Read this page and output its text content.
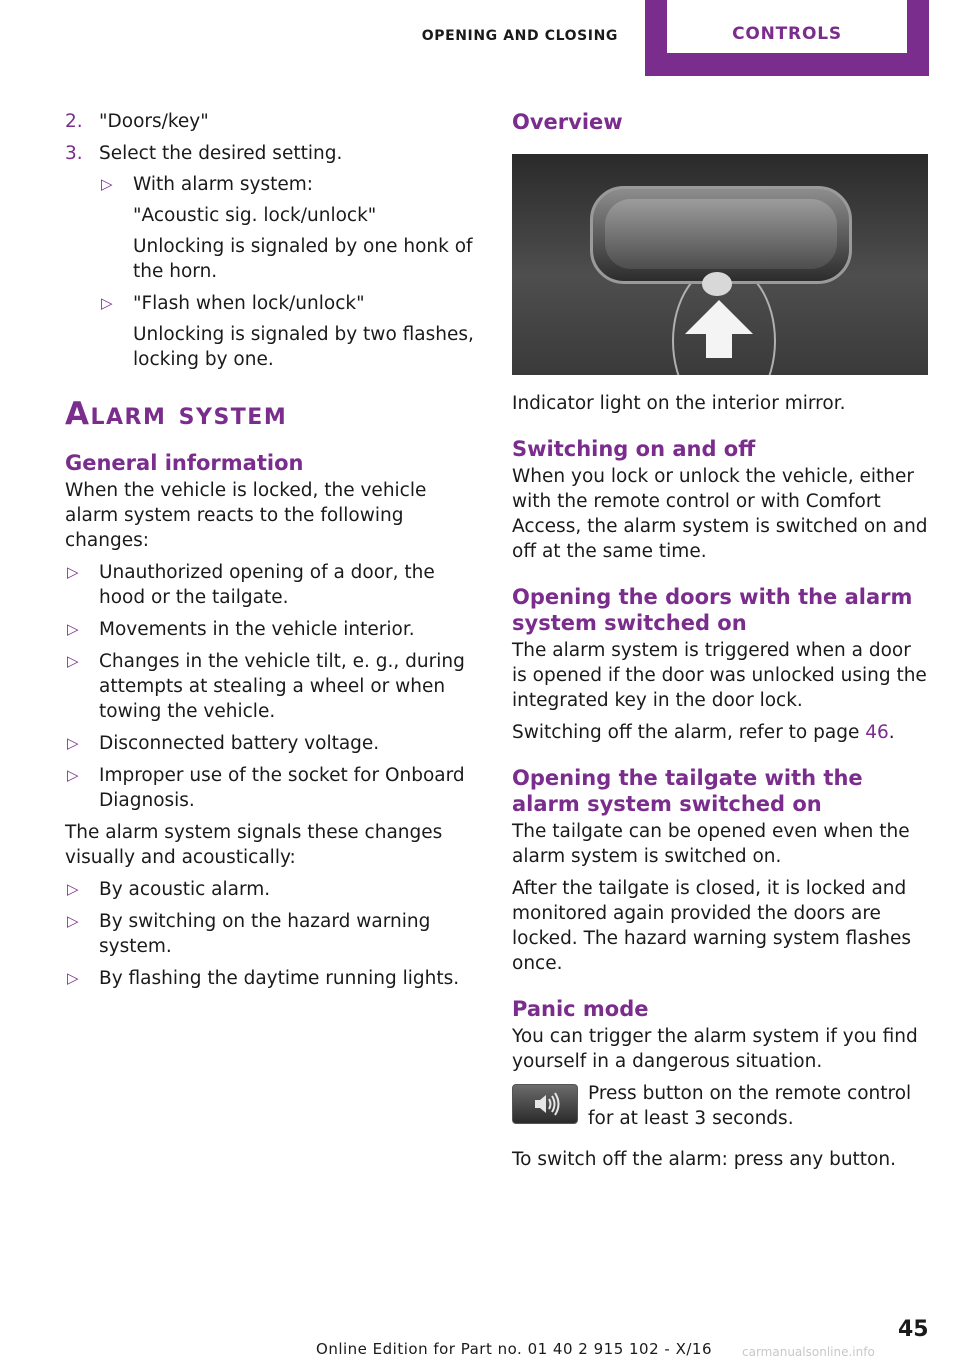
OPENING AND CLOSING	CONTROLS
2. "Doors/key"
3. Select the desired setting.
▷ With alarm system:
"Acoustic sig. lock/unlock"
Unlocking is signaled by one honk of the horn.
▷ "Flash when lock/unlock"
Unlocking is signaled by two flashes, locking by one.
Alarm system
General information

When the vehicle is locked, the vehicle alarm system reacts to the following changes:

▷ Unauthorized opening of a door, the hood or the tailgate.
▷ Movements in the vehicle interior.
▷ Changes in the vehicle tilt, e. g., during attempts at stealing a wheel or when towing the vehicle.
▷ Disconnected battery voltage.
▷ Improper use of the socket for Onboard Diagnosis.

The alarm system signals these changes visually and acoustically:

▷ By acoustic alarm.
▷ By switching on the hazard warning system.
▷ By flashing the daytime running lights.
Overview

Indicator light on the interior mirror.

Switching on and off

When you lock or unlock the vehicle, either with the remote control or with Comfort Access, the alarm system is switched on and off at the same time.

Opening the doors with the alarm system switched on

The alarm system is triggered when a door is opened if the door was unlocked using the integrated key in the door lock.

Switching off the alarm, refer to page 46.

Opening the tailgate with the alarm system switched on

The tailgate can be opened even when the alarm system is switched on.

After the tailgate is closed, it is locked and monitored again provided the doors are locked. The hazard warning system flashes once.

Panic mode

You can trigger the alarm system if you find yourself in a dangerous situation.

Press button on the remote control for at least 3 seconds.

To switch off the alarm: press any button.

Online Edition for Part no. 01 40 2 915 102 - X/16
45
carmanualsonline.info
